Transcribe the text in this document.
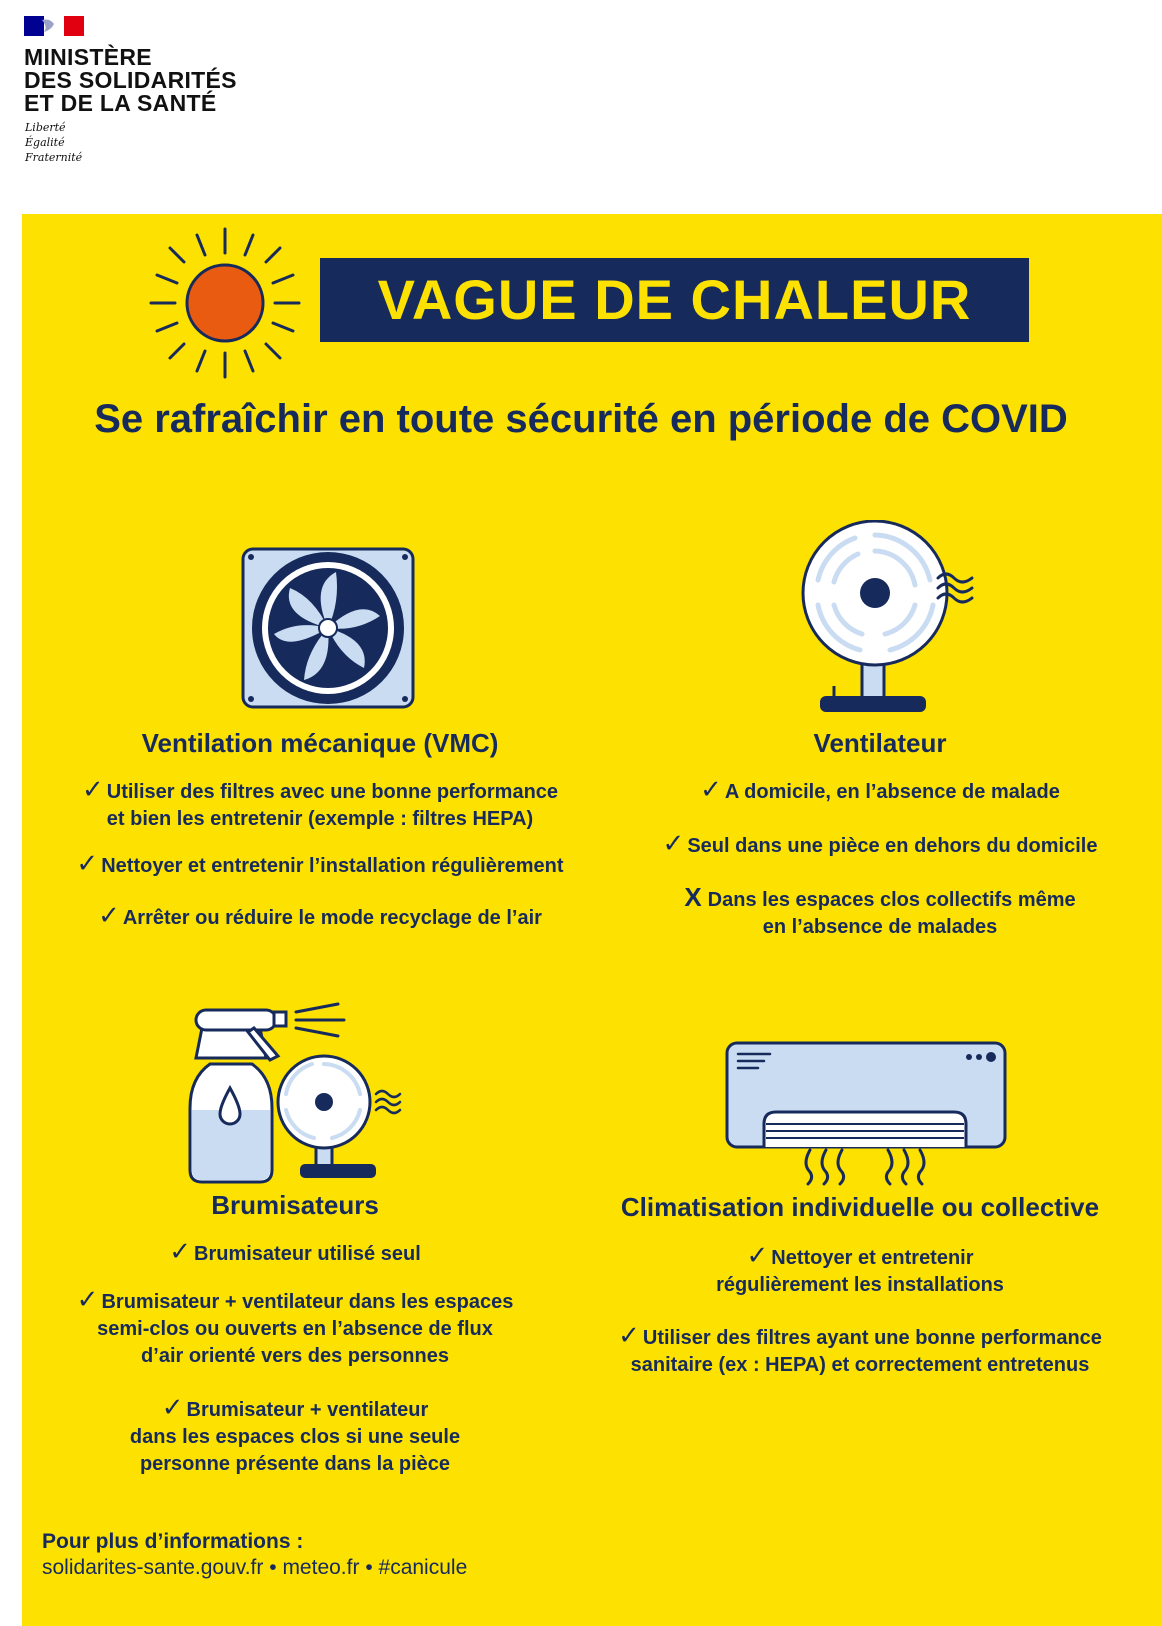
MINISTÈRE
DES SOLIDARITÉS
ET DE LA SANTÉ
Liberté
Égalité
Fraternité
VAGUE DE CHALEUR
Se rafraîchir en toute sécurité en période de COVID
Ventilation mécanique (VMC)
✓ Utiliser des filtres avec une bonne performance
et bien les entretenir (exemple : filtres HEPA)
✓ Nettoyer et entretenir l’installation régulièrement
✓ Arrêter ou réduire le mode recyclage de l’air
Ventilateur
✓ A domicile, en l’absence de malade
✓ Seul dans une pièce en dehors du domicile
X Dans les espaces clos collectifs même
en l’absence de malades
Brumisateurs
✓ Brumisateur utilisé seul
✓ Brumisateur + ventilateur dans les espaces
semi-clos ou ouverts en l’absence de flux
d’air orienté vers des personnes
✓ Brumisateur + ventilateur
dans les espaces clos si une seule
personne présente dans la pièce
Climatisation individuelle ou collective
✓ Nettoyer et entretenir
régulièrement les installations
✓ Utiliser des filtres ayant une bonne performance
sanitaire (ex : HEPA) et correctement entretenus
Pour plus d’informations :
solidarites-sante.gouv.fr • meteo.fr • #canicule
